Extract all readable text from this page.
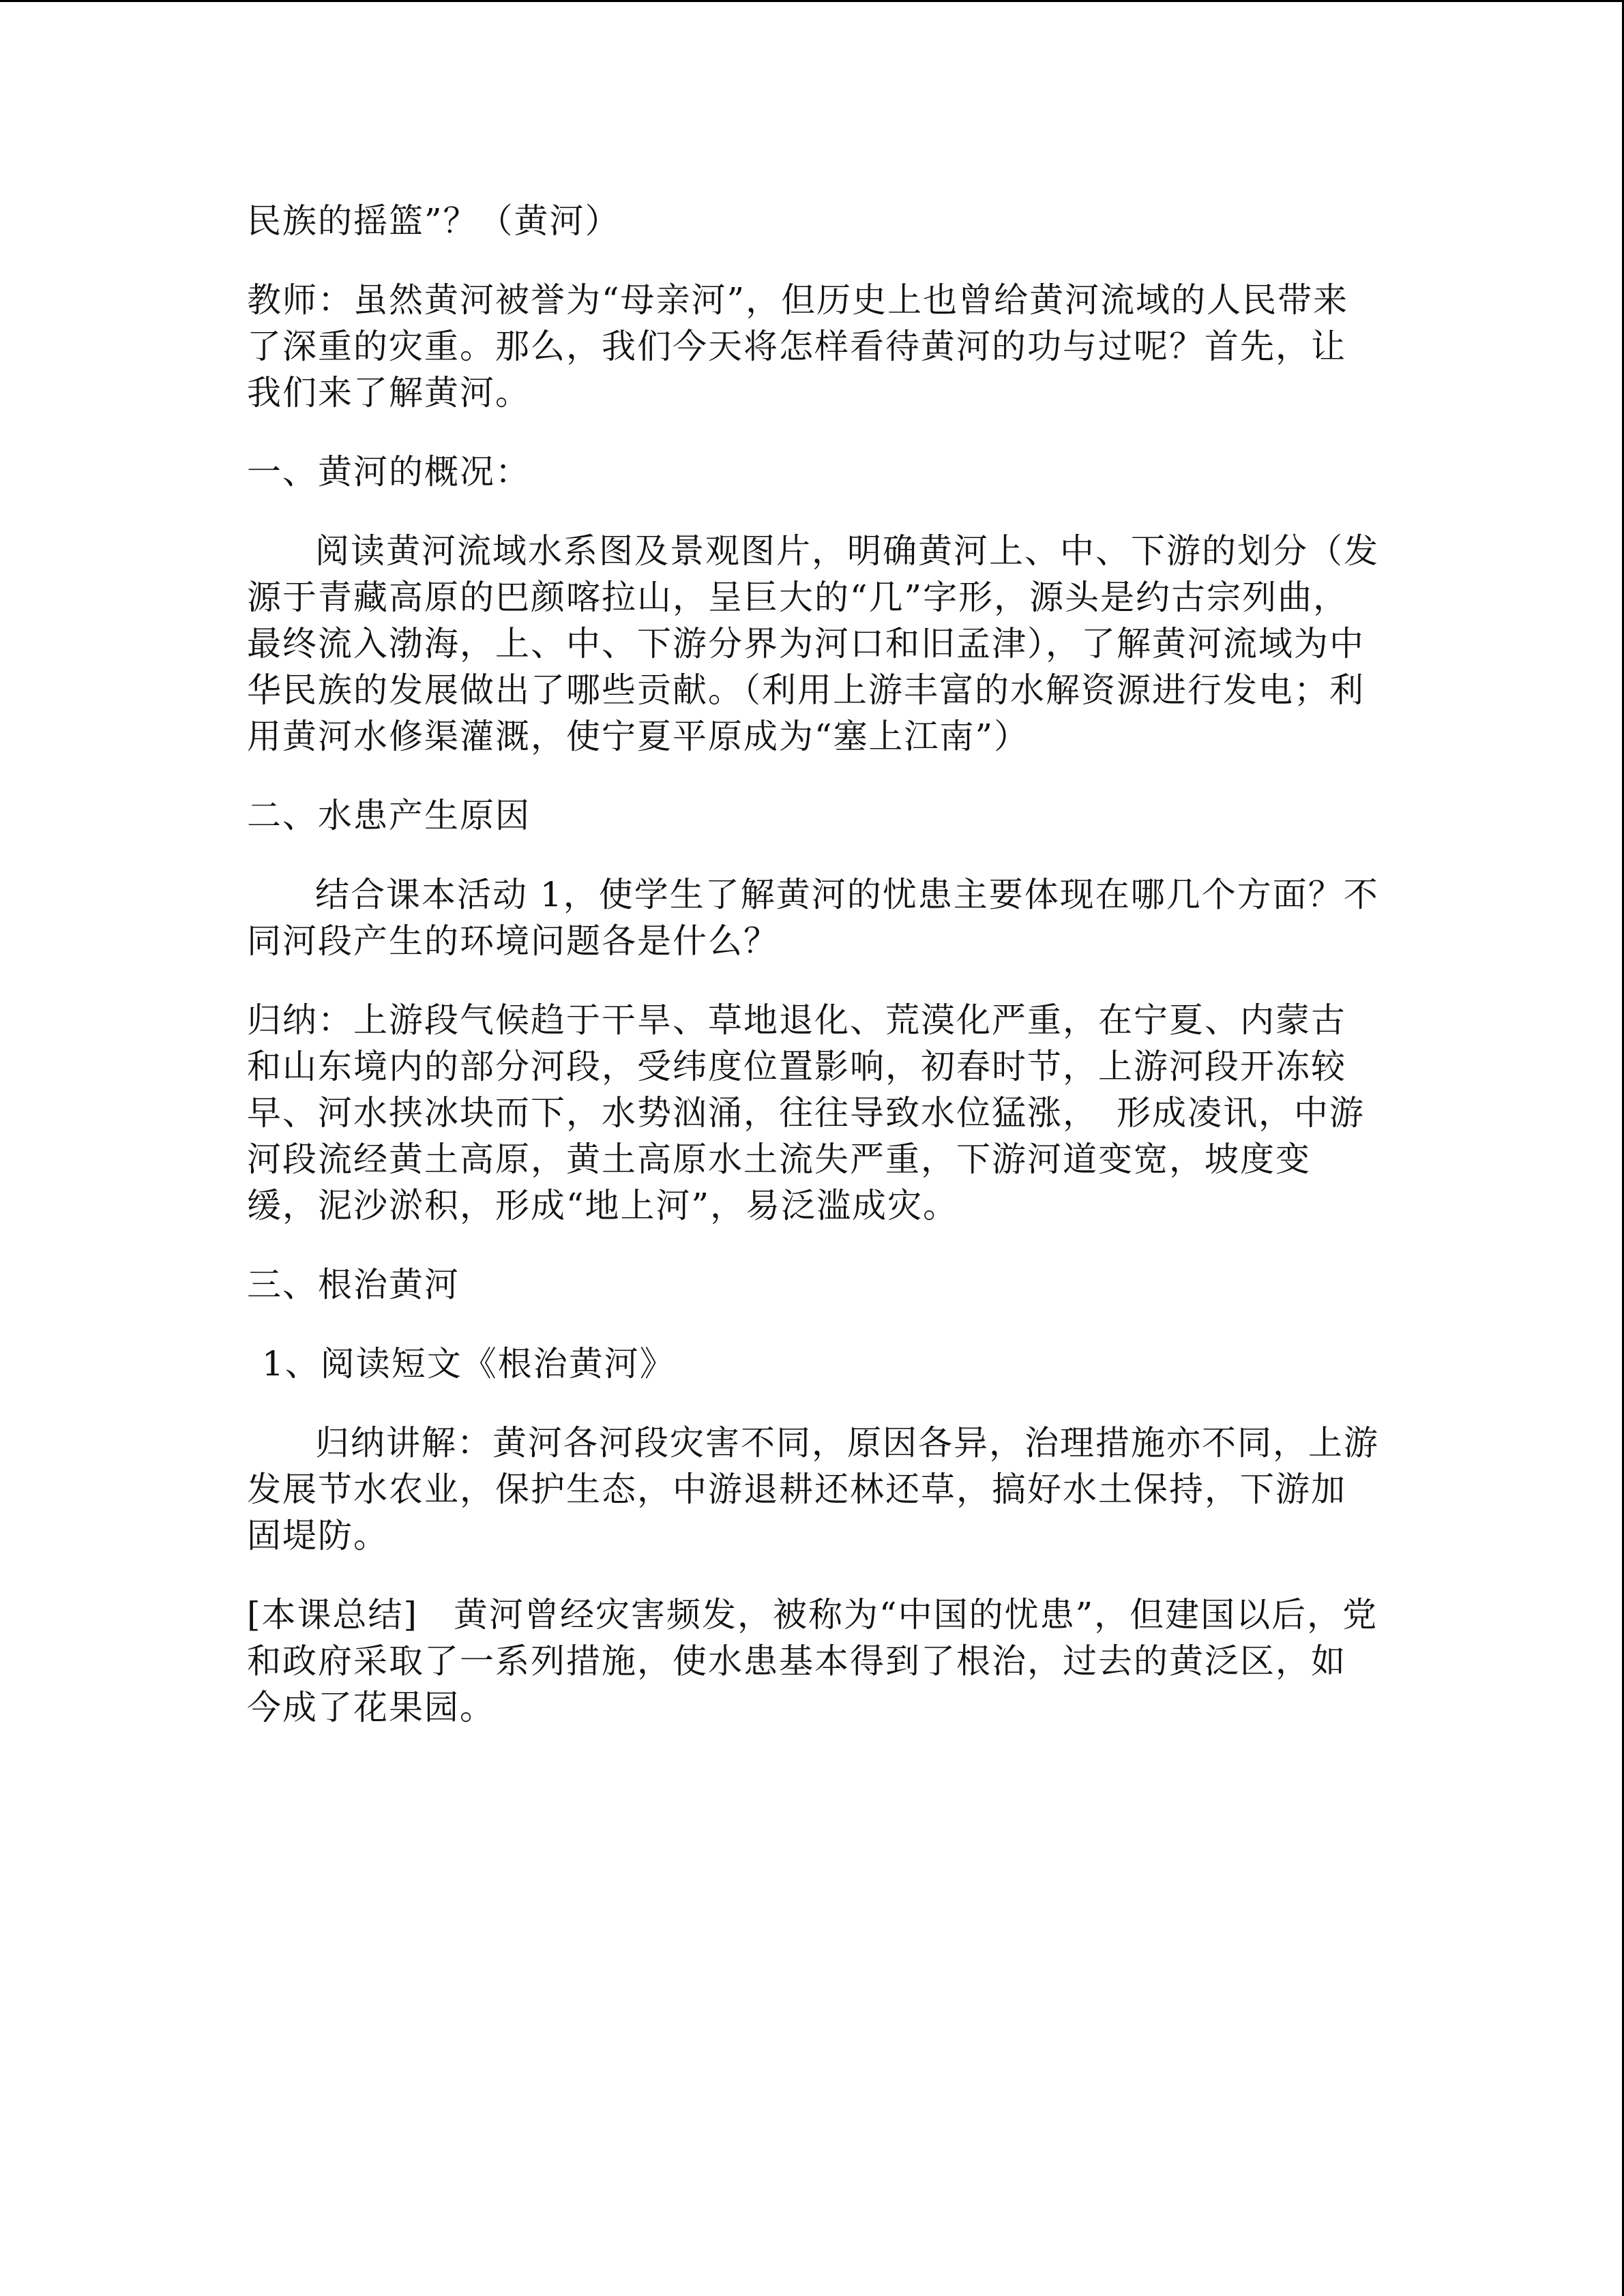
民族的摇篮”？（黄河）

教师：虽然黄河被誉为“母亲河”，但历史上也曾给黄河流域的人民带来了深重的灾重。那么，我们今天将怎样看待黄河的功与过呢？首先，让我们来了解黄河。

一、黄河的概况：

阅读黄河流域水系图及景观图片，明确黄河上、中、下游的划分（发源于青藏高原的巴颜喀拉山，呈巨大的“几”字形，源头是约古宗列曲，最终流入渤海，上、中、下游分界为河口和旧孟津），了解黄河流域为中华民族的发展做出了哪些贡献。（利用上游丰富的水解资源进行发电；利用黄河水修渠灌溉，使宁夏平原成为“塞上江南”）

二、水患产生原因

结合课本活动 1，使学生了解黄河的忧患主要体现在哪几个方面？不同河段产生的环境问题各是什么？

归纳：上游段气候趋于干旱、草地退化、荒漠化严重，在宁夏、内蒙古和山东境内的部分河段，受纬度位置影响，初春时节，上游河段开冻较早、河水挟冰块而下，水势汹涌，往往导致水位猛涨，　形成凌讯，中游河段流经黄土高原，黄土高原水土流失严重，下游河道变宽，坡度变缓，泥沙淤积，形成“地上河”，易泛滥成灾。

三、根治黄河

1、阅读短文《根治黄河》

归纳讲解：黄河各河段灾害不同，原因各异，治理措施亦不同，上游发展节水农业，保护生态，中游退耕还林还草，搞好水土保持，下游加固堤防。

[本课总结]　黄河曾经灾害频发，被称为“中国的忧患”，但建国以后，党和政府采取了一系列措施，使水患基本得到了根治，过去的黄泛区，如今成了花果园。
